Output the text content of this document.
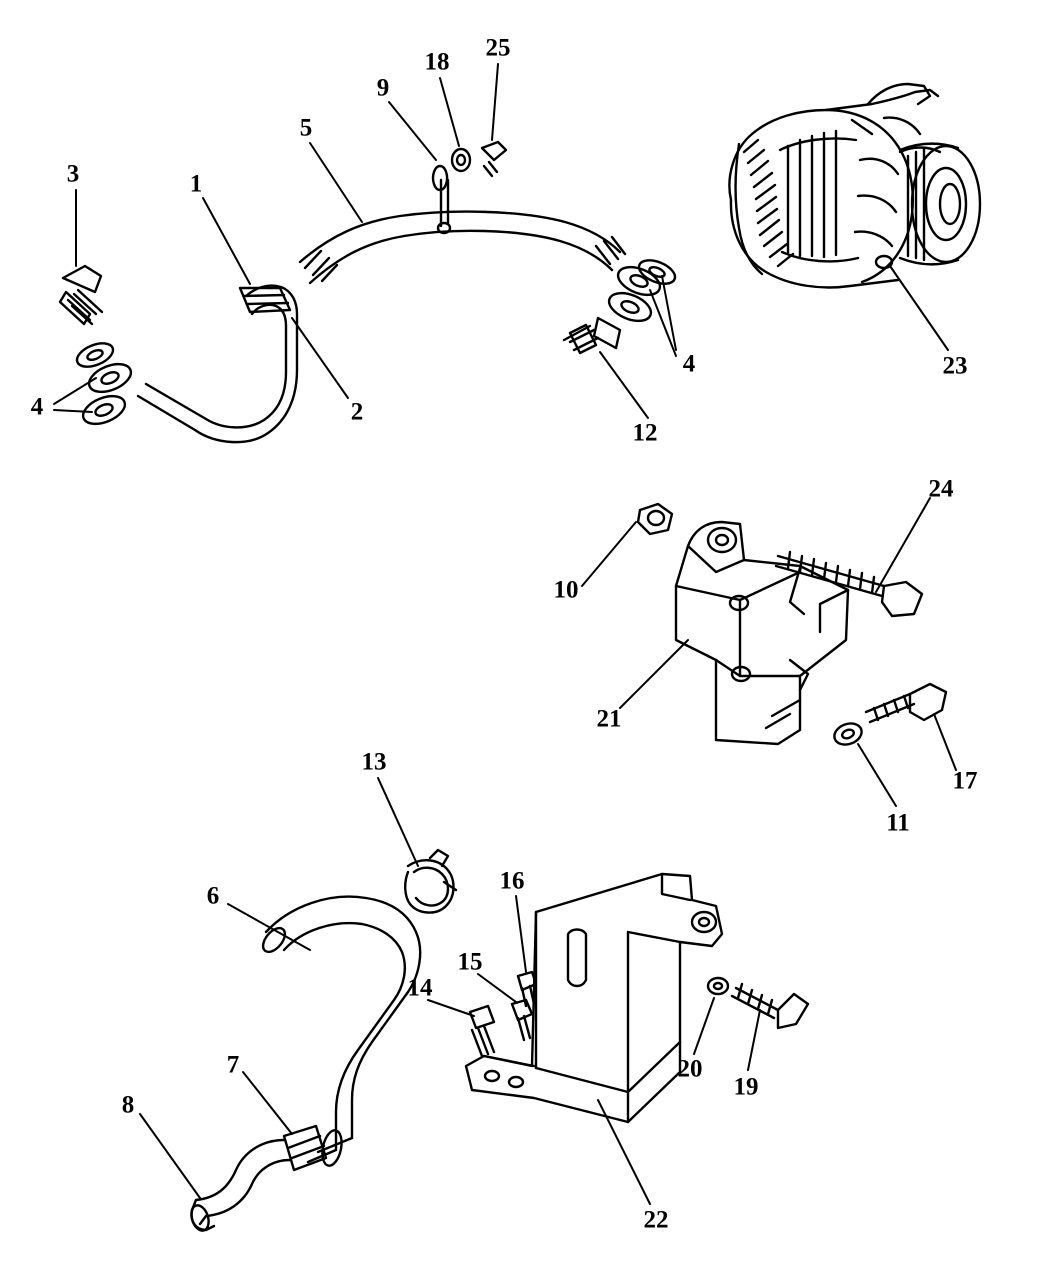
3	1
5
9
18
25
4	2
4
12
23
24
10
21
17
11
13
16
6
15
14
20
19
7
8
22
